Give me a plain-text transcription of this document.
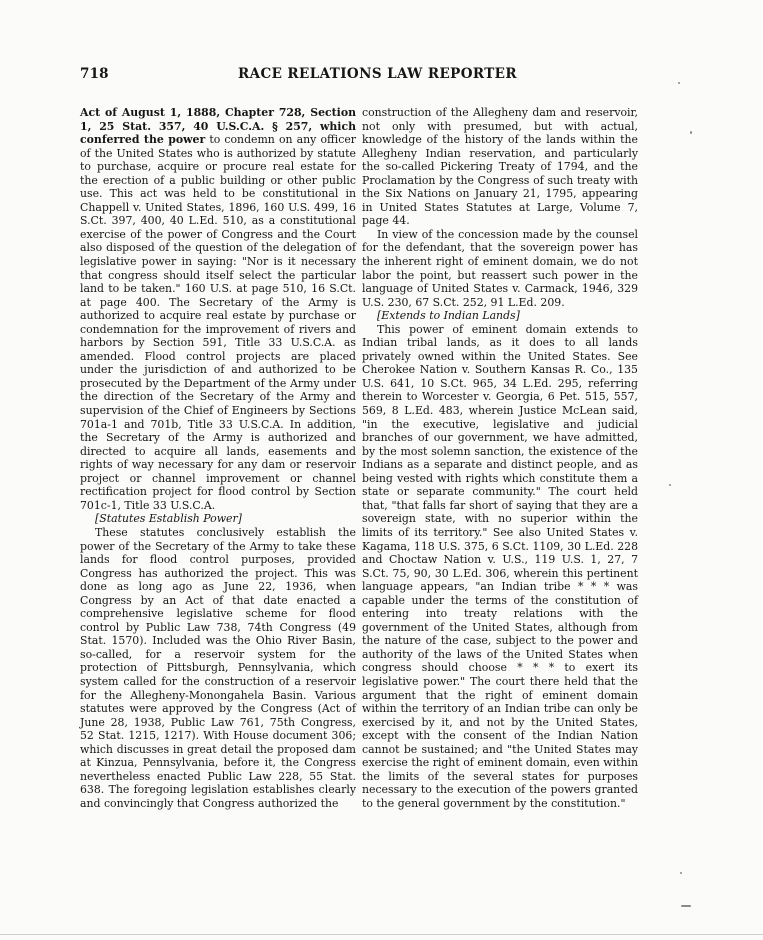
718	RACE RELATIONS LAW REPORTER

Act of August 1, 1888, Chapter 728, Section 1, 25 Stat. 357, 40 U.S.C.A. § 257, which conferred the power to condemn on any officer of the United States who is authorized by statute to purchase, acquire or procure real estate for the erection of a public building or other public use. This act was held to be constitutional in Chappell v. United States, 1896, 160 U.S. 499, 16 S.Ct. 397, 400, 40 L.Ed. 510, as a constitutional exercise of the power of Congress and the Court also disposed of the question of the delegation of legislative power in saying: "Nor is it necessary that congress should itself select the particular land to be taken." 160 U.S. at page 510, 16 S.Ct. at page 400. The Secretary of the Army is authorized to acquire real estate by purchase or condemnation for the improvement of rivers and harbors by Section 591, Title 33 U.S.C.A. as amended. Flood control projects are placed under the jurisdiction of and authorized to be prosecuted by the Department of the Army under the direction of the Secretary of the Army and supervision of the Chief of Engineers by Sections 701a-1 and 701b, Title 33 U.S.C.A. In addition, the Secretary of the Army is authorized and directed to acquire all lands, easements and rights of way necessary for any dam or reservoir project or channel improvement or channel rectification project for flood control by Section 701c-1, Title 33 U.S.C.A.

[Statutes Establish Power]

These statutes conclusively establish the power of the Secretary of the Army to take these lands for flood control purposes, provided Congress has authorized the project. This was done as long ago as June 22, 1936, when Congress by an Act of that date enacted a comprehensive legislative scheme for flood control by Public Law 738, 74th Congress (49 Stat. 1570). Included was the Ohio River Basin, so-called, for a reservoir system for the protection of Pittsburgh, Pennsylvania, which system called for the construction of a reservoir for the Allegheny-Monongahela Basin. Various statutes were approved by the Congress (Act of June 28, 1938, Public Law 761, 75th Congress, 52 Stat. 1215, 1217). With House document 306; which discusses in great detail the proposed dam at Kinzua, Pennsylvania, before it, the Congress nevertheless enacted Public Law 228, 55 Stat. 638. The foregoing legislation establishes clearly and convincingly that Congress authorized the

construction of the Allegheny dam and reservoir, not only with presumed, but with actual, knowledge of the history of the lands within the Allegheny Indian reservation, and particularly the so-called Pickering Treaty of 1794, and the Proclamation by the Congress of such treaty with the Six Nations on January 21, 1795, appearing in United States Statutes at Large, Volume 7, page 44.

In view of the concession made by the counsel for the defendant, that the sovereign power has the inherent right of eminent domain, we do not labor the point, but reassert such power in the language of United States v. Carmack, 1946, 329 U.S. 230, 67 S.Ct. 252, 91 L.Ed. 209.

[Extends to Indian Lands]

This power of eminent domain extends to Indian tribal lands, as it does to all lands privately owned within the United States. See Cherokee Nation v. Southern Kansas R. Co., 135 U.S. 641, 10 S.Ct. 965, 34 L.Ed. 295, referring therein to Worcester v. Georgia, 6 Pet. 515, 557, 569, 8 L.Ed. 483, wherein Justice McLean said, "in the executive, legislative and judicial branches of our government, we have admitted, by the most solemn sanction, the existence of the Indians as a separate and distinct people, and as being vested with rights which constitute them a state or separate community." The court held that, "that falls far short of saying that they are a sovereign state, with no superior within the limits of its territory." See also United States v. Kagama, 118 U.S. 375, 6 S.Ct. 1109, 30 L.Ed. 228 and Choctaw Nation v. U.S., 119 U.S. 1, 27, 7 S.Ct. 75, 90, 30 L.Ed. 306, wherein this pertinent language appears, "an Indian tribe * * * was capable under the terms of the constitution of entering into treaty relations with the government of the United States, although from the nature of the case, subject to the power and authority of the laws of the United States when congress should choose * * * to exert its legislative power." The court there held that the argument that the right of eminent domain within the territory of an Indian tribe can only be exercised by it, and not by the United States, except with the consent of the Indian Nation cannot be sustained; and "the United States may exercise the right of eminent domain, even within the limits of the several states for purposes necessary to the execution of the powers granted to the general government by the constitution."
